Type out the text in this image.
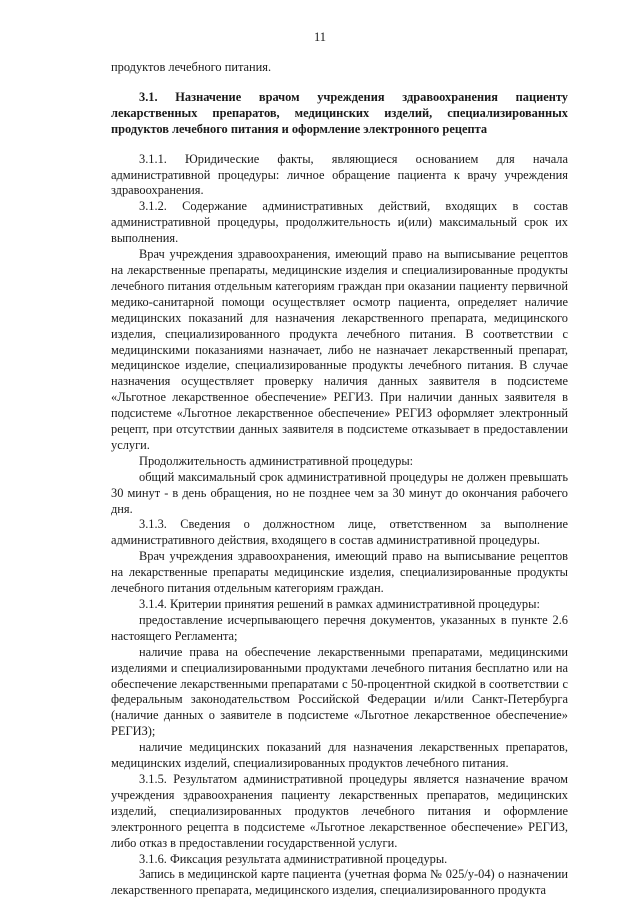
11

продуктов лечебного питания.

3.1. Назначение врачом учреждения здравоохранения пациенту лекарственных препаратов, медицинских изделий, специализированных продуктов лечебного питания и оформление электронного рецепта

3.1.1. Юридические факты, являющиеся основанием для начала административной процедуры: личное обращение пациента к врачу учреждения здравоохранения.

3.1.2. Содержание административных действий, входящих в состав административной процедуры, продолжительность и(или) максимальный срок их выполнения.

Врач учреждения здравоохранения, имеющий право на выписывание рецептов на лекарственные препараты, медицинские изделия и специализированные продукты лечебного питания отдельным категориям граждан при оказании пациенту первичной медико-санитарной помощи осуществляет осмотр пациента, определяет наличие медицинских показаний для назначения лекарственного препарата, медицинского изделия, специализированного продукта лечебного питания. В соответствии с медицинскими показаниями назначает, либо не назначает лекарственный препарат, медицинское изделие, специализированные продукты лечебного питания. В случае назначения осуществляет проверку наличия данных заявителя в подсистеме «Льготное лекарственное обеспечение» РЕГИЗ. При наличии данных заявителя в подсистеме «Льготное лекарственное обеспечение» РЕГИЗ оформляет электронный рецепт, при отсутствии данных заявителя в подсистеме отказывает в предоставлении услуги.

Продолжительность административной процедуры:

общий максимальный срок административной процедуры не должен превышать 30 минут - в день обращения, но не позднее чем за 30 минут до окончания рабочего дня.

3.1.3. Сведения о должностном лице, ответственном за выполнение административного действия, входящего в состав административной процедуры.

Врач учреждения здравоохранения, имеющий право на выписывание рецептов на лекарственные препараты медицинские изделия, специализированные продукты лечебного питания отдельным категориям граждан.

3.1.4. Критерии принятия решений в рамках административной процедуры:

предоставление исчерпывающего перечня документов, указанных в пункте 2.6 настоящего Регламента;

наличие права на обеспечение лекарственными препаратами, медицинскими изделиями и специализированными продуктами лечебного питания бесплатно или на обеспечение лекарственными препаратами с 50-процентной скидкой в соответствии с федеральным законодательством Российской Федерации и/или Санкт-Петербурга (наличие данных о заявителе в подсистеме «Льготное лекарственное обеспечение» РЕГИЗ);

наличие медицинских показаний для назначения лекарственных препаратов, медицинских изделий, специализированных продуктов лечебного питания.

3.1.5. Результатом административной процедуры является назначение врачом учреждения здравоохранения пациенту лекарственных препаратов, медицинских изделий, специализированных продуктов лечебного питания и оформление электронного рецепта в подсистеме «Льготное лекарственное обеспечение» РЕГИЗ, либо отказ в предоставлении государственной услуги.

3.1.6. Фиксация результата административной процедуры.

Запись в медицинской карте пациента (учетная форма № 025/у-04) о назначении лекарственного препарата, медицинского изделия, специализированного продукта
